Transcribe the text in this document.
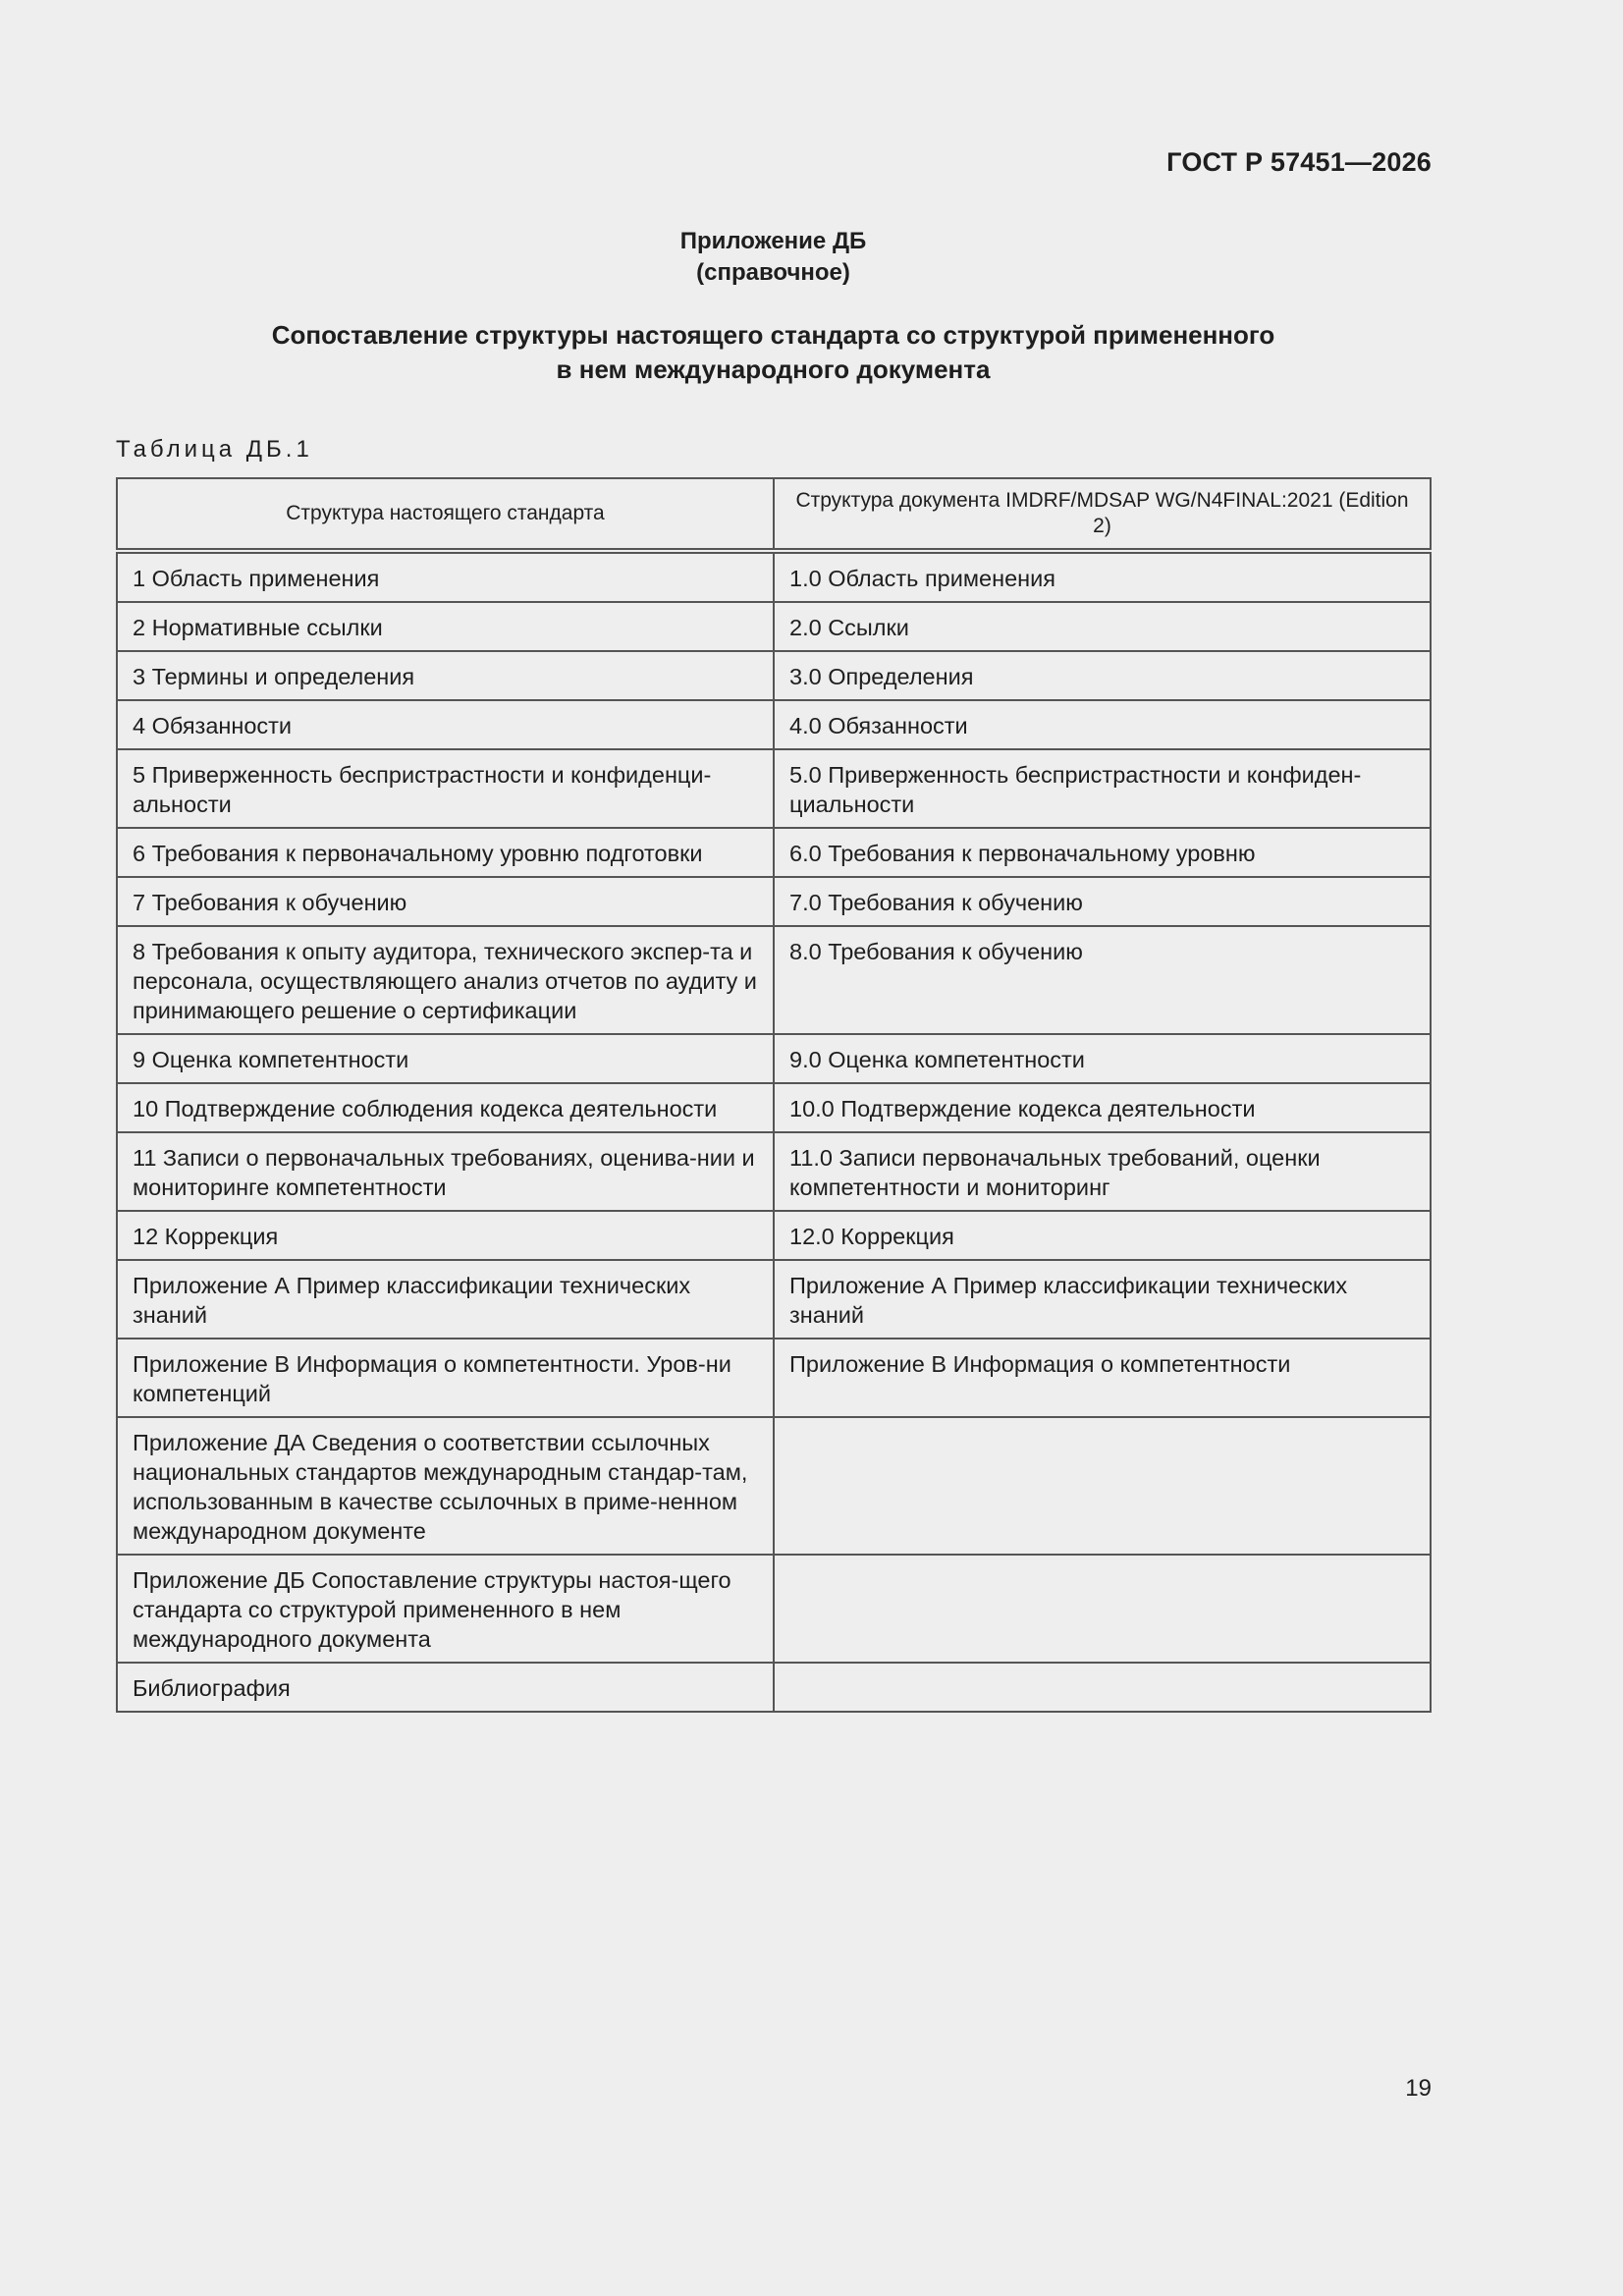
ГОСТ Р 57451—2026
Приложение ДБ
(справочное)
Сопоставление структуры настоящего стандарта со структурой примененного
в нем международного документа
Таблица ДБ.1
Структура настоящего стандарта	Структура документа IMDRF/MDSAP WG/N4FINAL:2021 (Edition 2)
1 Область применения	1.0 Область применения
2 Нормативные ссылки	2.0 Ссылки
3 Термины и определения	3.0 Определения
4 Обязанности	4.0 Обязанности
5 Приверженность беспристрастности и конфиденци-альности	5.0 Приверженность беспристрастности и конфиден-циальности
6 Требования к первоначальному уровню подготовки	6.0 Требования к первоначальному уровню
7 Требования к обучению	7.0 Требования к обучению
8 Требования к опыту аудитора, технического экспер-та и персонала, осуществляющего анализ отчетов по аудиту и принимающего решение о сертификации	8.0 Требования к обучению
9 Оценка компетентности	9.0 Оценка компетентности
10 Подтверждение соблюдения кодекса деятельности	10.0 Подтверждение кодекса деятельности
11 Записи о первоначальных требованиях, оценива-нии и мониторинге компетентности	11.0 Записи первоначальных требований, оценки компетентности и мониторинг
12 Коррекция	12.0 Коррекция
Приложение А Пример классификации технических знаний	Приложение А Пример классификации технических знаний
Приложение В Информация о компетентности. Уров-ни компетенций	Приложение В Информация о компетентности
Приложение ДА Сведения о соответствии ссылочных национальных стандартов международным стандар-там, использованным в качестве ссылочных в приме-ненном международном документе	
Приложение ДБ Сопоставление структуры настоя-щего стандарта со структурой примененного в нем международного документа	
Библиография	
19
